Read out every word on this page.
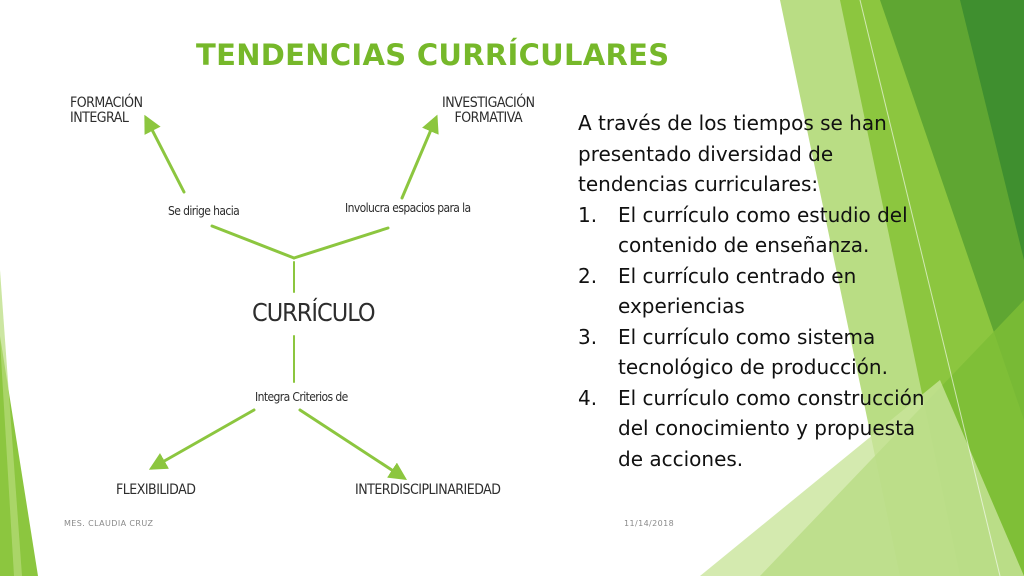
TENDENCIAS CURRÍCULARES
FORMACIÓN
INTEGRAL
INVESTIGACIÓN
FORMATIVA
Se dirige hacia	Involucra espacios para la
CURRÍCULO
Integra Criterios de
FLEXIBILIDAD	INTERDISCIPLINARIEDAD

A través de los tiempos se han

presentado diversidad de

tendencias curriculares:

1. El currículo como estudio del
contenido de enseñanza.
2. El currículo centrado en
experiencias
3. El currículo como sistema
tecnológico de producción.
4. El currículo como construcción
del conocimiento y propuesta
de acciones.
MES. CLAUDIA CRUZ	11/14/2018
